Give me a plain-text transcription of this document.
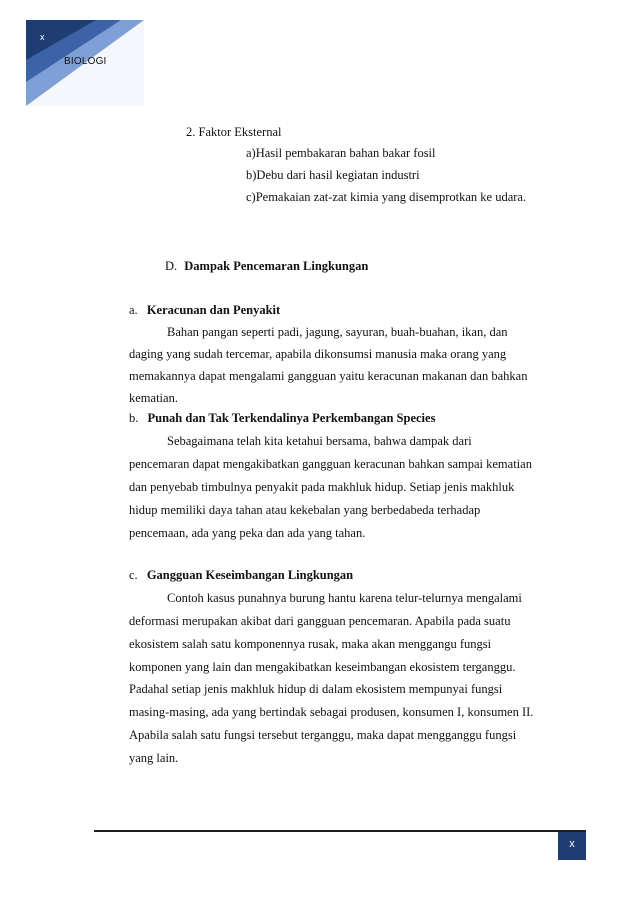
x
BIOLOGI
2. Faktor Eksternal
a)Hasil pembakaran bahan bakar fosil
b)Debu dari hasil kegiatan industri
c)Pemakaian zat-zat kimia yang disemprotkan ke udara.
D. Dampak Pencemaran Lingkungan
a. Keracunan dan Penyakit
Bahan pangan seperti padi, jagung, sayuran, buah-buahan, ikan, dan
daging yang sudah tercemar, apabila dikonsumsi manusia maka orang yang
memakannya dapat mengalami gangguan yaitu keracunan makanan dan bahkan
kematian.
b. Punah dan Tak Terkendalinya Perkembangan Species
Sebagaimana telah kita ketahui bersama, bahwa dampak dari
pencemaran dapat mengakibatkan gangguan keracunan bahkan sampai kematian
dan penyebab timbulnya penyakit pada makhluk hidup. Setiap jenis makhluk
hidup memiliki daya tahan atau kekebalan yang berbedabeda terhadap
pencemaan, ada yang peka dan ada yang tahan.
c. Gangguan Keseimbangan Lingkungan
Contoh kasus punahnya burung hantu karena telur-telurnya mengalami
deformasi merupakan akibat dari gangguan pencemaran. Apabila pada suatu
ekosistem salah satu komponennya rusak, maka akan menggangu fungsi
komponen yang lain dan mengakibatkan keseimbangan ekosistem terganggu.
Padahal setiap jenis makhluk hidup di dalam ekosistem mempunyai fungsi
masing-masing, ada yang bertindak sebagai produsen, konsumen I, konsumen II.
Apabila salah satu fungsi tersebut terganggu, maka dapat mengganggu fungsi
yang lain.
x
